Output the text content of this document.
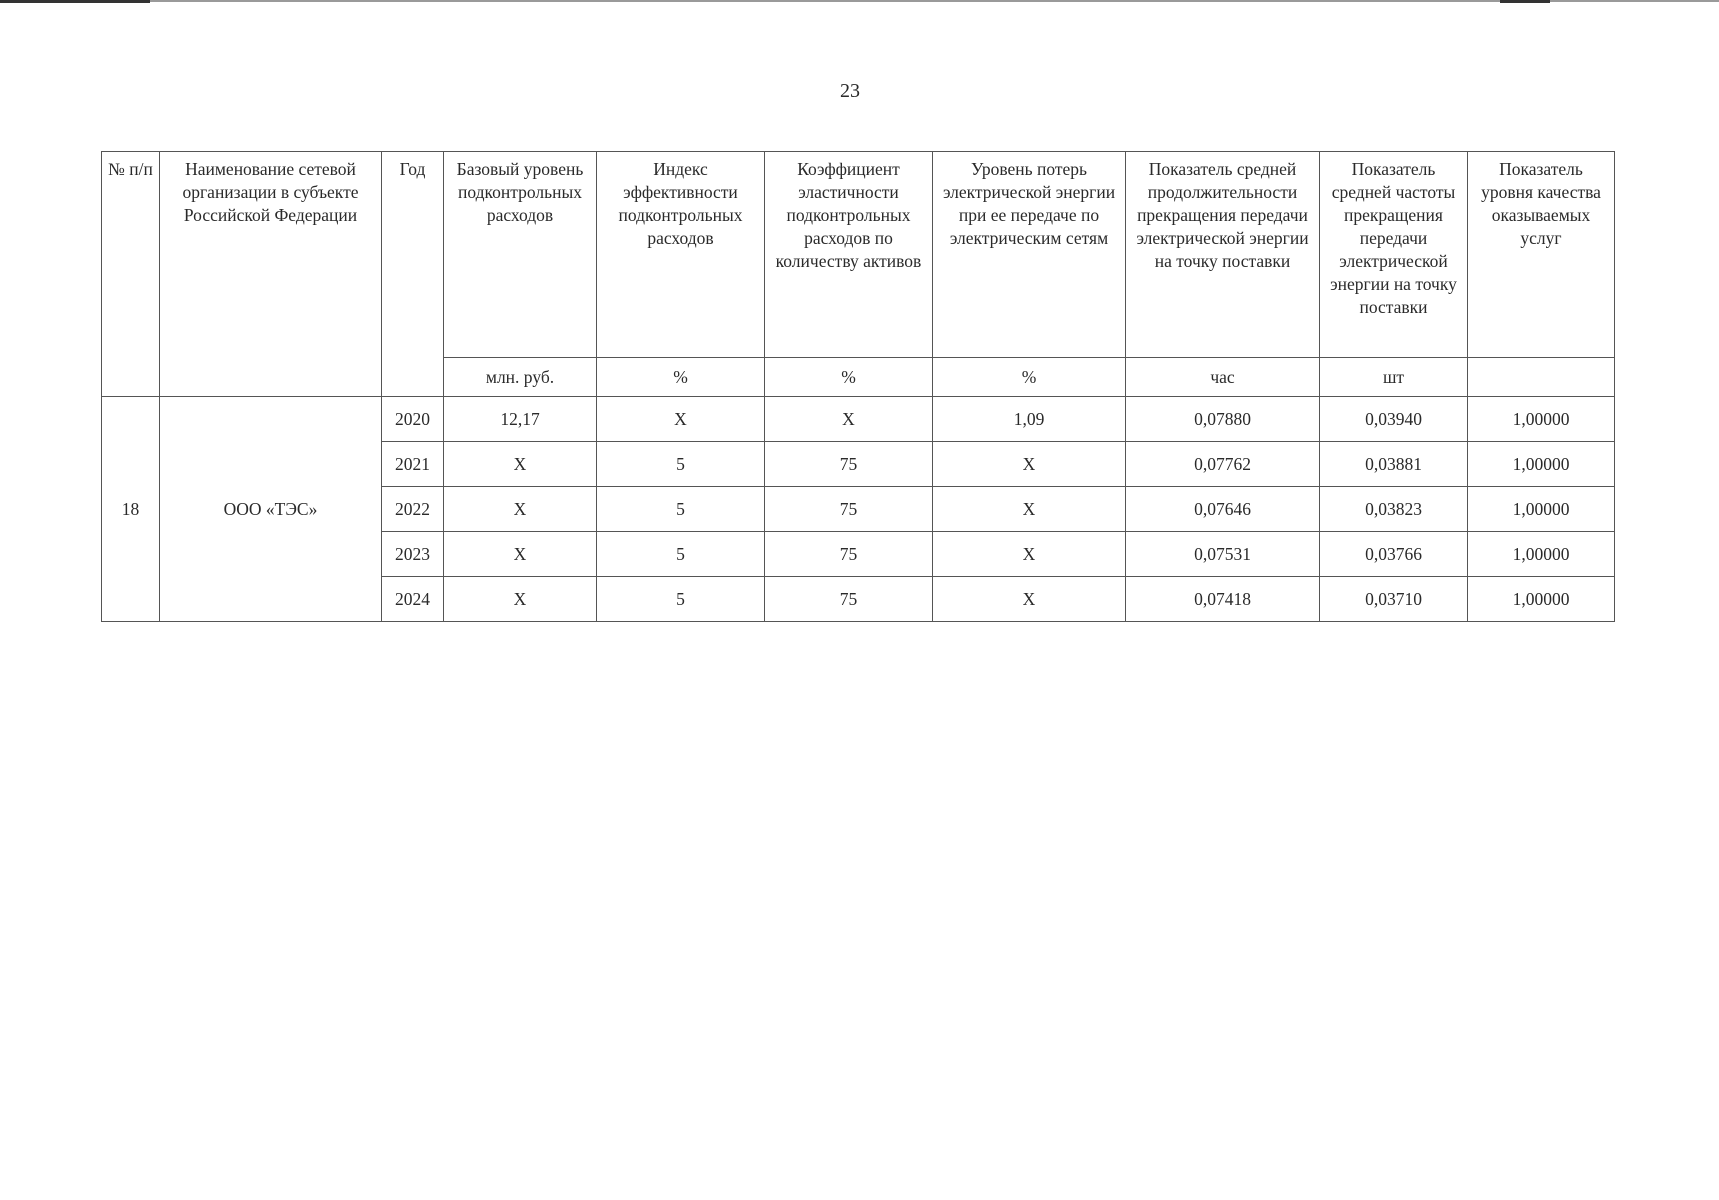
23
№ п/п	Наименование сетевой организации в субъекте Российской Федерации	Год	Базовый уровень подконтрольных расходов	Индекс эффективности подконтрольных расходов	Коэффициент эластичности подконтрольных расходов по количеству активов	Уровень потерь электрической энергии при ее передаче по электрическим сетям	Показатель средней продолжительности прекращения передачи электрической энергии на точку поставки	Показатель средней частоты прекращения передачи электрической энергии на точку поставки	Показатель уровня качества оказываемых услуг
			млн. руб.	%	%	%	час	шт	
18	ООО «ТЭС»	2020	12,17	X	X	1,09	0,07880	0,03940	1,00000
		2021	X	5	75	X	0,07762	0,03881	1,00000
		2022	X	5	75	X	0,07646	0,03823	1,00000
		2023	X	5	75	X	0,07531	0,03766	1,00000
		2024	X	5	75	X	0,07418	0,03710	1,00000
